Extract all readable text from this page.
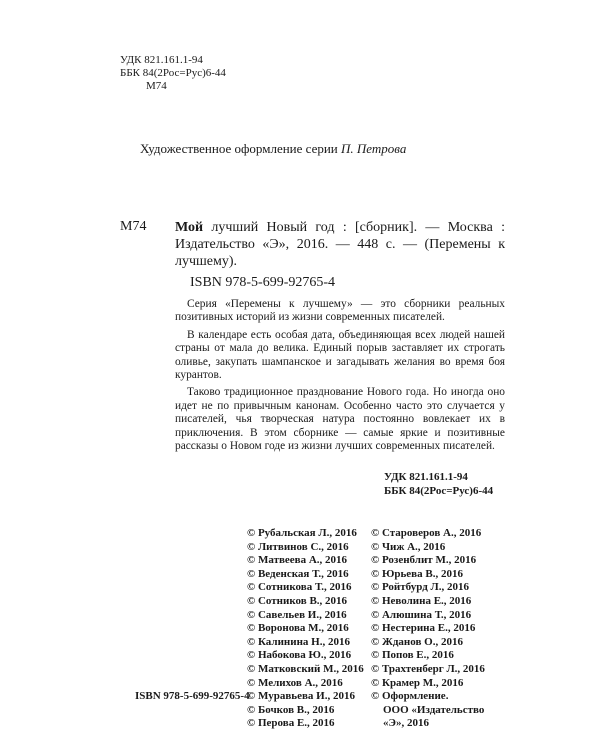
УДК 821.161.1-94
ББК 84(2Рос=Рус)6-44
М74
Художественное оформление серии П. Петрова
М74 Мой лучший Новый год : [сборник]. — Москва : Издательство «Э», 2016. — 448 с. — (Перемены к лучшему).
ISBN 978-5-699-92765-4

Серия «Перемены к лучшему» — это сборники реальных позитивных историй из жизни современных писателей.

В календаре есть особая дата, объединяющая всех людей нашей страны от мала до велика. Единый порыв заставляет их строгать оливье, закупать шампанское и загадывать желания во время боя курантов.

Таково традиционное празднование Нового года. Но иногда оно идет не по привычным канонам. Особенно часто это случается у писателей, чья творческая натура постоянно вовлекает их в приключения. В этом сборнике — самые яркие и позитивные рассказы о Новом годе из жизни лучших современных писателей.

УДК 821.161.1-94
ББК 84(2Рос=Рус)6-44
© Рубальская Л., 2016
© Литвинов С., 2016
© Матвеева А., 2016
© Веденская Т., 2016
© Сотникова Т., 2016
© Сотников В., 2016
© Савельев И., 2016
© Воронова М., 2016
© Калинина Н., 2016
© Набокова Ю., 2016
© Матковский М., 2016
© Мелихов А., 2016
© Муравьева И., 2016
© Бочков В., 2016
© Перова Е., 2016
© Староверов А., 2016
© Чиж А., 2016
© Розенблит М., 2016
© Юрьева В., 2016
© Ройтбурд Л., 2016
© Неволина Е., 2016
© Алюшина Т., 2016
© Нестерина Е., 2016
© Жданов О., 2016
© Попов Е., 2016
© Трахтенберг Л., 2016
© Крамер М., 2016
© Оформление.
ООО «Издательство
«Э», 2016
ISBN 978-5-699-92765-4
